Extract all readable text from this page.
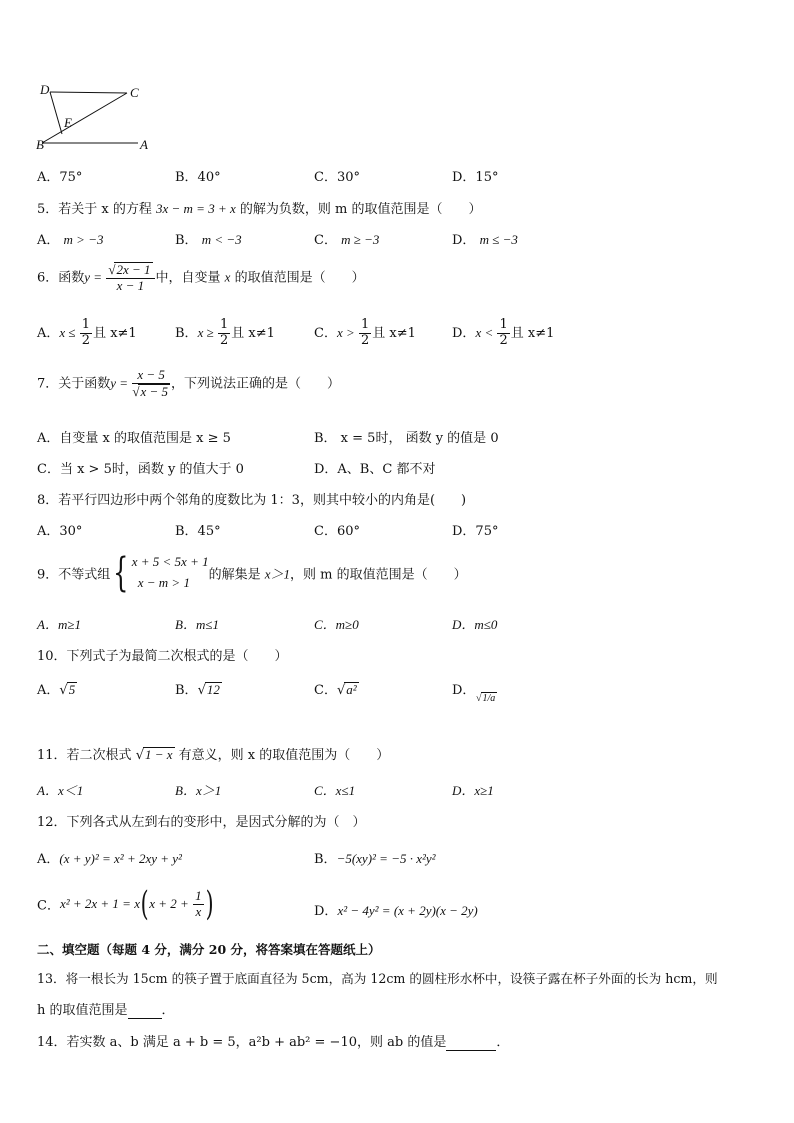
D	C
E
B	A
A．75°	B．40°	C．30°	D．15°
5．若关于 x 的方程 3x − m = 3 + x 的解为负数，则 m 的取值范围是（　　）
A． m > −3	B． m < −3	C． m ≥ −3	D． m ≤ −3
6．函数$y = \frac{√2x - 1}{x - 1}$ 中，自变量 x 的取值范围是（　　）
A．$x \le \frac{1}{2}$ 且 x≠1	B．$x \ge \frac{1}{2}$ 且 x≠1	C．$x > \frac{1}{2}$ 且 x≠1	D．$x < \frac{1}{2}$ 且 x≠1
7．关于函数$y = \frac{x - 5}{√x - 5}$ ，下列说法正确的是（　　）
A．自变量 x 的取值范围是 x ≥ 5	B． x = 5时， 函数 y 的值是 0
C．当 x > 5时，函数 y 的值大于 0	D．A、B、C 都不对
8．若平行四边形中两个邻角的度数比为 1：3，则其中较小的内角是(　　)
A．30°	B．45°	C．60°	D．75°
9．不等式组{ x + 5 < 5x + 1
x − m > 1	的解集是 x＞1，则 m 的取值范围是（　　）
A．m≥1	B．m≤1	C．m≥0	D．m≤0
10．下列式子为最简二次根式的是（　　）
A．√5	B．√12	C．√a²	D．
√1/a
11．若二次根式 √1 − x 有意义，则 x 的取值范围为（　　）
A．x＜1	B．x＞1	C．x≤1	D．x≥1
12．下列各式从左到右的变形中，是因式分解的为（　）
A．(x + y)² = x² + 2xy + y²	B．−5(xy)² = −5 · x²y²
C．$x^2 + 2x + 1 = x(x + 2 + \frac{1}{x}$ )	D．x² − 4y² = (x + 2y)(x − 2y)
二、填空题（每题 4 分，满分 20 分，将答案填在答题纸上）
13．将一根长为 15cm 的筷子置于底面直径为 5cm，高为 12cm 的圆柱形水杯中，设筷子露在杯子外面的长为 hcm，则
h 的取值范围是	．
14．若实数 a、b 满足 a + b = 5，a²b + ab² = −10，则 ab 的值是	．
